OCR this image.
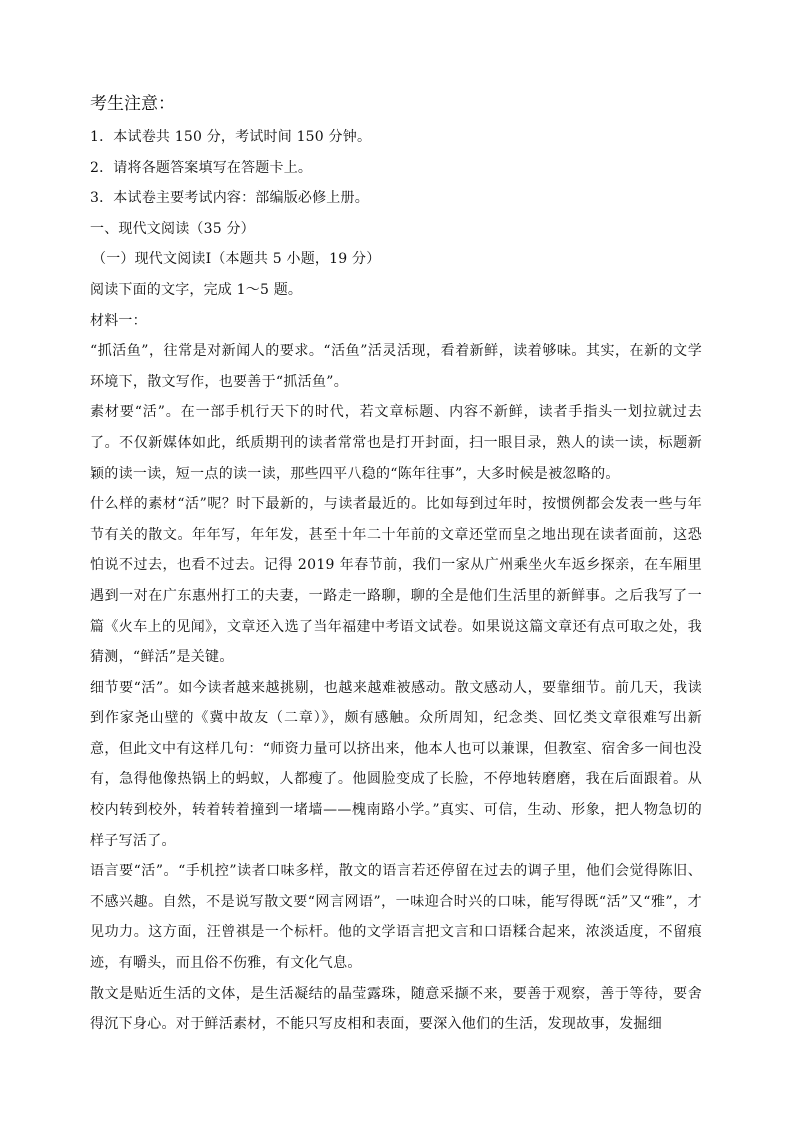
考生注意：
1．本试卷共 150 分，考试时间 150 分钟。
2．请将各题答案填写在答题卡上。
3．本试卷主要考试内容：部编版必修上册。
一、现代文阅读（35 分）
（一）现代文阅读Ⅰ（本题共 5 小题，19 分）
阅读下面的文字，完成 1～5 题。
材料一：
“抓活鱼”，往常是对新闻人的要求。“活鱼”活灵活现，看着新鲜，读着够味。其实，在新的文学环境下，散文写作，也要善于“抓活鱼”。
素材要“活”。在一部手机行天下的时代，若文章标题、内容不新鲜，读者手指头一划拉就过去了。不仅新媒体如此，纸质期刊的读者常常也是打开封面，扫一眼目录，熟人的读一读，标题新颖的读一读，短一点的读一读，那些四平八稳的“陈年往事”，大多时候是被忽略的。
什么样的素材“活”呢？时下最新的，与读者最近的。比如每到过年时，按惯例都会发表一些与年节有关的散文。年年写，年年发，甚至十年二十年前的文章还堂而皇之地出现在读者面前，这恐怕说不过去，也看不过去。记得 2019 年春节前，我们一家从广州乘坐火车返乡探亲，在车厢里遇到一对在广东惠州打工的夫妻，一路走一路聊，聊的全是他们生活里的新鲜事。之后我写了一篇《火车上的见闻》，文章还入选了当年福建中考语文试卷。如果说这篇文章还有点可取之处，我猜测，“鲜活”是关键。
细节要“活”。如今读者越来越挑剔，也越来越难被感动。散文感动人，要靠细节。前几天，我读到作家尧山壁的《冀中故友（二章）》，颇有感触。众所周知，纪念类、回忆类文章很难写出新意，但此文中有这样几句：“师资力量可以挤出来，他本人也可以兼课，但教室、宿舍多一间也没有，急得他像热锅上的蚂蚁，人都瘦了。他圆脸变成了长脸，不停地转磨磨，我在后面跟着。从校内转到校外，转着转着撞到一堵墙——槐南路小学。”真实、可信，生动、形象，把人物急切的样子写活了。
语言要“活”。“手机控”读者口味多样，散文的语言若还停留在过去的调子里，他们会觉得陈旧、不感兴趣。自然，不是说写散文要“网言网语”，一味迎合时兴的口味，能写得既“活”又“雅”，才见功力。这方面，汪曾祺是一个标杆。他的文学语言把文言和口语糅合起来，浓淡适度，不留痕迹，有嚼头，而且俗不伤雅，有文化气息。
散文是贴近生活的文体，是生活凝结的晶莹露珠，随意采撷不来，要善于观察，善于等待，要舍得沉下身心。对于鲜活素材，不能只写皮相和表面，要深入他们的生活，发现故事，发掘细
